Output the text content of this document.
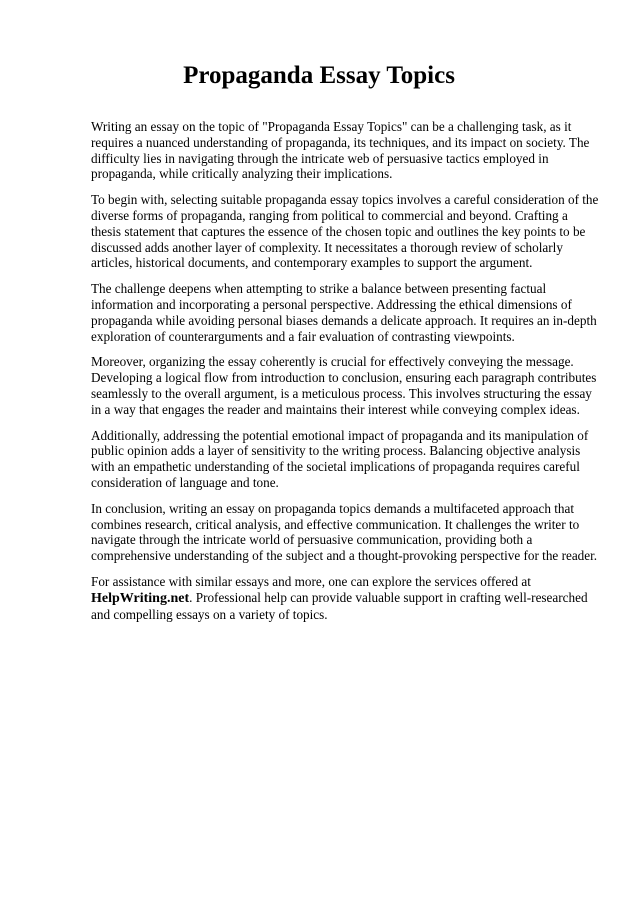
Propaganda Essay Topics

Writing an essay on the topic of "Propaganda Essay Topics" can be a challenging task, as it requires a nuanced understanding of propaganda, its techniques, and its impact on society. The difficulty lies in navigating through the intricate web of persuasive tactics employed in propaganda, while critically analyzing their implications.

To begin with, selecting suitable propaganda essay topics involves a careful consideration of the diverse forms of propaganda, ranging from political to commercial and beyond. Crafting a thesis statement that captures the essence of the chosen topic and outlines the key points to be discussed adds another layer of complexity. It necessitates a thorough review of scholarly articles, historical documents, and contemporary examples to support the argument.

The challenge deepens when attempting to strike a balance between presenting factual information and incorporating a personal perspective. Addressing the ethical dimensions of propaganda while avoiding personal biases demands a delicate approach. It requires an in-depth exploration of counterarguments and a fair evaluation of contrasting viewpoints.

Moreover, organizing the essay coherently is crucial for effectively conveying the message. Developing a logical flow from introduction to conclusion, ensuring each paragraph contributes seamlessly to the overall argument, is a meticulous process. This involves structuring the essay in a way that engages the reader and maintains their interest while conveying complex ideas.

Additionally, addressing the potential emotional impact of propaganda and its manipulation of public opinion adds a layer of sensitivity to the writing process. Balancing objective analysis with an empathetic understanding of the societal implications of propaganda requires careful consideration of language and tone.

In conclusion, writing an essay on propaganda topics demands a multifaceted approach that combines research, critical analysis, and effective communication. It challenges the writer to navigate through the intricate world of persuasive communication, providing both a comprehensive understanding of the subject and a thought-provoking perspective for the reader.

For assistance with similar essays and more, one can explore the services offered at HelpWriting.net. Professional help can provide valuable support in crafting well-researched and compelling essays on a variety of topics.
